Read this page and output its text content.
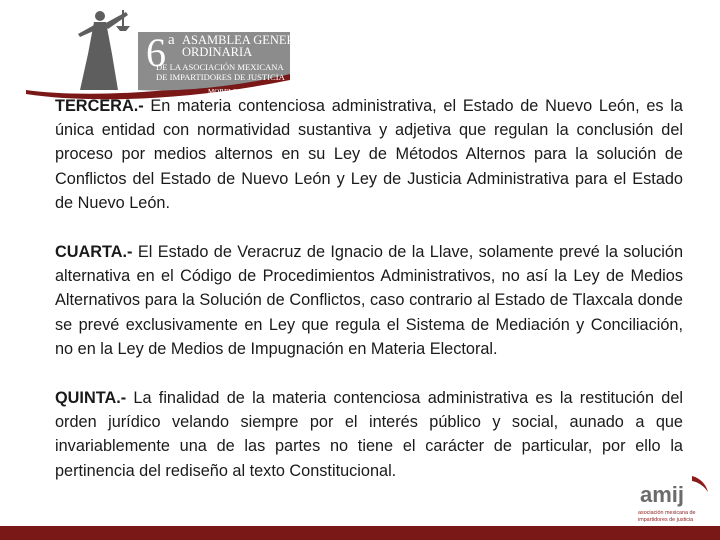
6 a ASAMBLEA GENERAL
ORDINARIA
DE LA ASOCIACIÓN MEXICANA
DE IMPARTIDORES DE JUSTICIA
MORELOS

TERCERA.- En materia contenciosa administrativa, el Estado de Nuevo León, es la única entidad con normatividad sustantiva y adjetiva que regulan la conclusión del proceso por medios alternos en su Ley de Métodos Alternos para la solución de Conflictos del Estado de Nuevo León y Ley de Justicia Administrativa para el Estado de Nuevo León.

CUARTA.- El Estado de Veracruz de Ignacio de la Llave, solamente prevé la solución alternativa en el Código de Procedimientos Administrativos, no así la Ley de Medios Alternativos para la Solución de Conflictos, caso contrario al Estado de Tlaxcala donde se prevé exclusivamente en Ley que regula el Sistema de Mediación y Conciliación, no en la Ley de Medios de Impugnación en Materia Electoral.

QUINTA.- La finalidad de la materia contenciosa administrativa es la restitución del orden jurídico velando siempre por el interés público y social, aunado a que invariablemente una de las partes no tiene el carácter de particular, por ello la pertinencia del rediseño al texto Constitucional.

amij
asociación mexicana de
impartidores de justicia
